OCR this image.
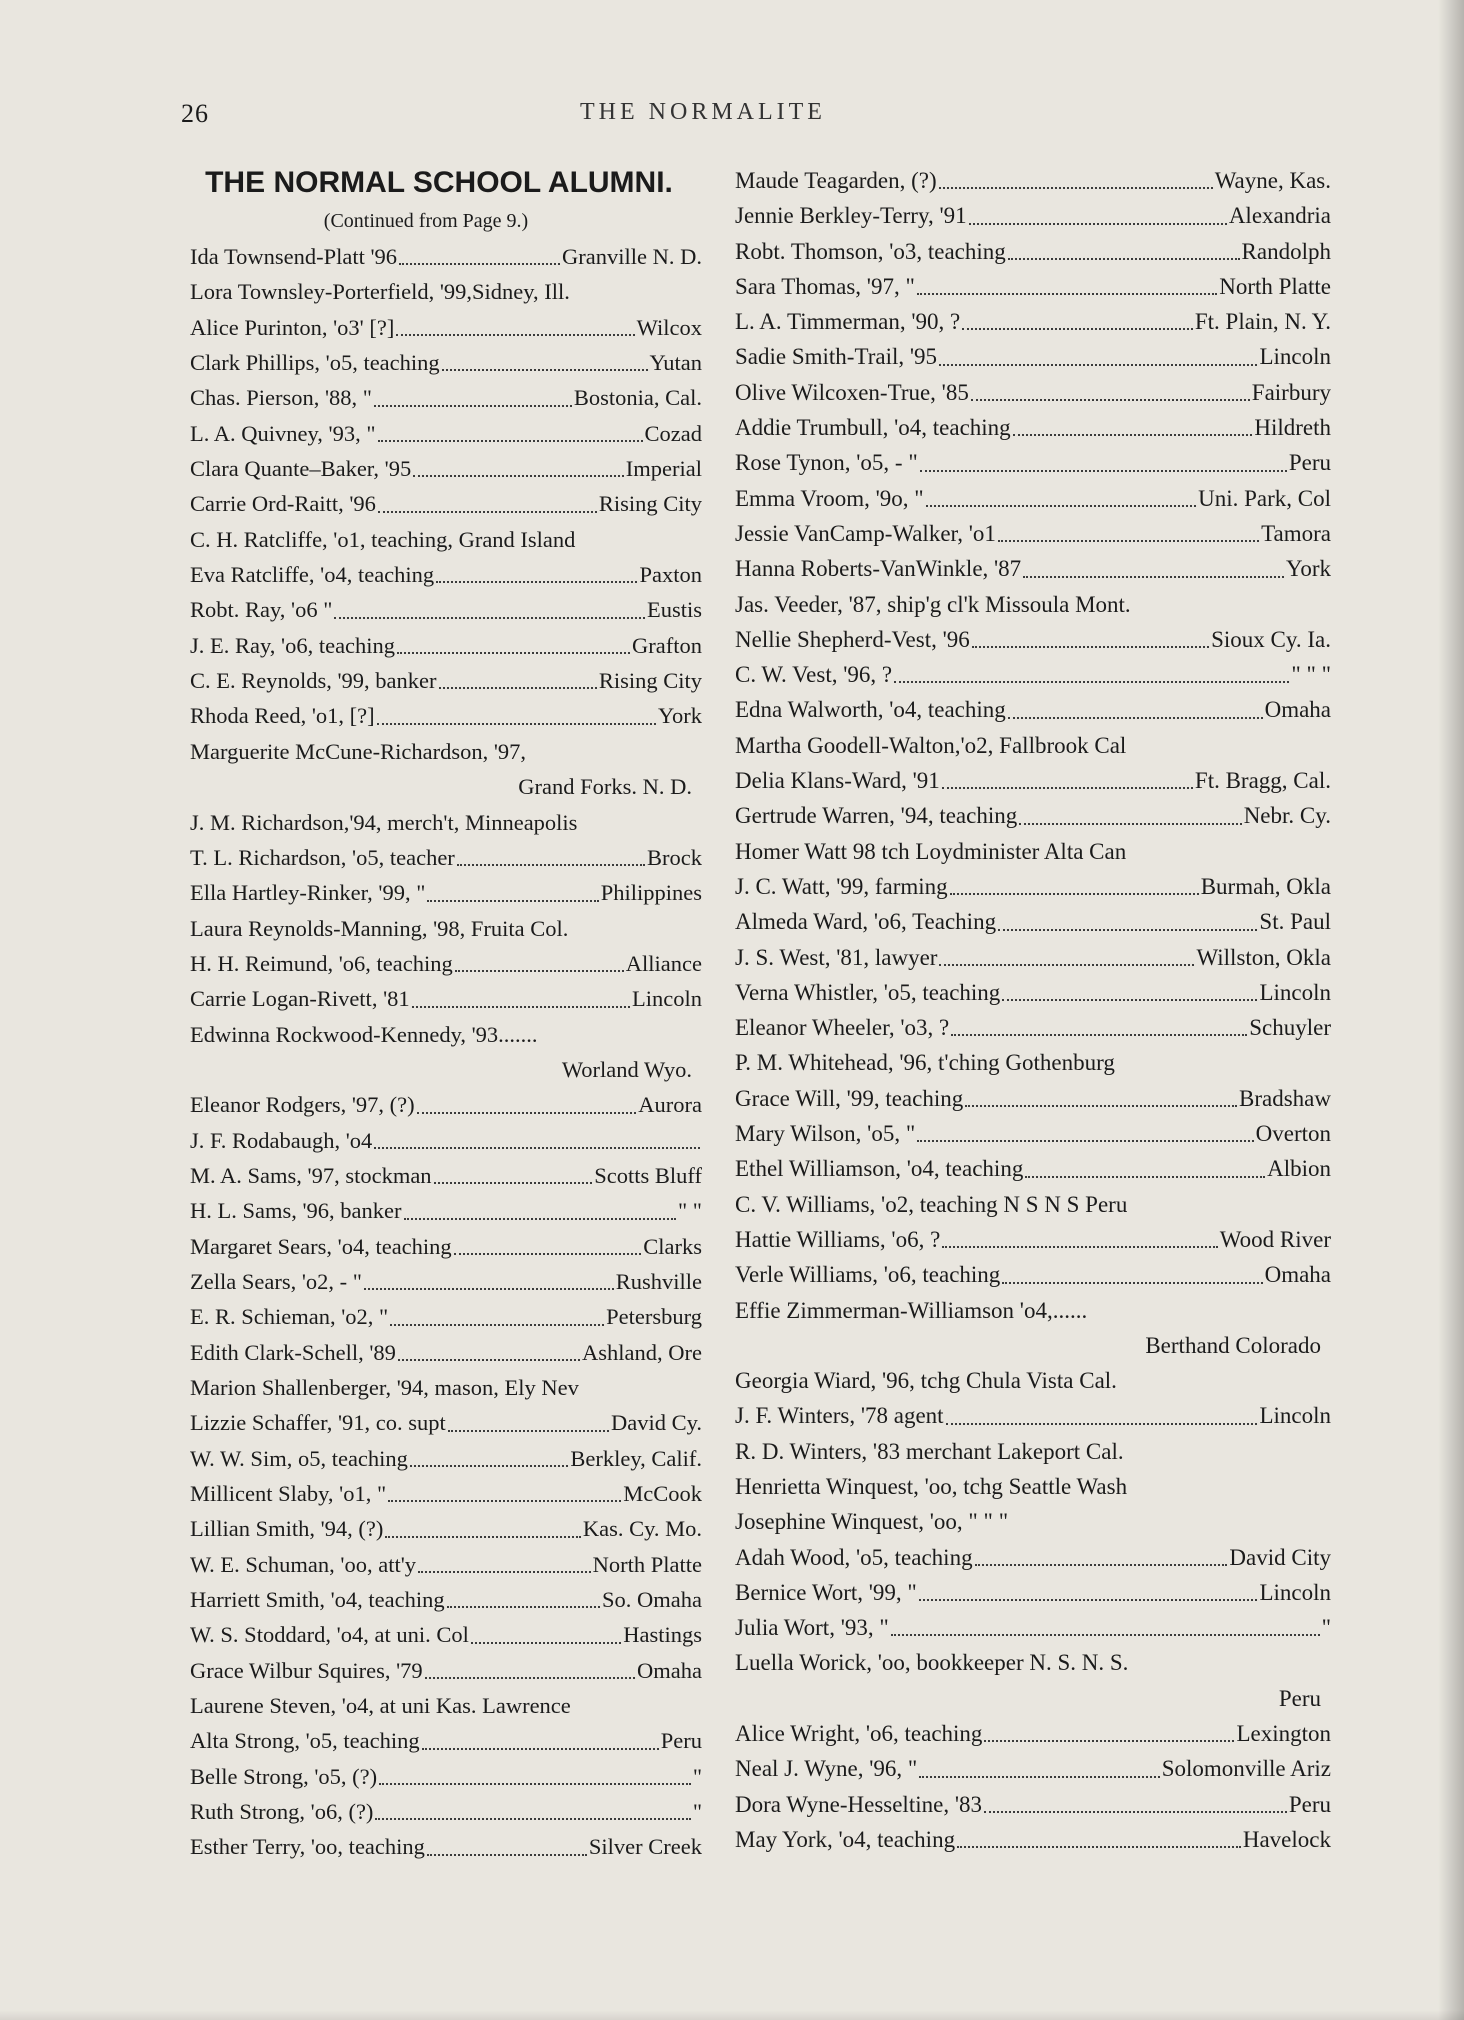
26	THE NORMALITE
THE NORMAL SCHOOL ALUMNI.

(Continued from Page 9.)

Ida Townsend-Platt '96	Granville N. D.
Lora Townsley-Porterfield, '99,Sidney, Ill.
Alice Purinton, 'o3' [?]	Wilcox
Clark Phillips, 'o5, teaching	Yutan
Chas. Pierson, '88, "	Bostonia, Cal.
L. A. Quivney, '93, "	Cozad
Clara Quante–Baker, '95	Imperial
Carrie Ord-Raitt, '96	Rising City
C. H. Ratcliffe, 'o1, teaching, Grand Island
Eva Ratcliffe, 'o4, teaching	Paxton
Robt. Ray, 'o6 "	Eustis
J. E. Ray, 'o6, teaching	Grafton
C. E. Reynolds, '99, banker	Rising City
Rhoda Reed, 'o1, [?]	York
Marguerite McCune-Richardson, '97,
Grand Forks. N. D.
J. M. Richardson,'94, merch't, Minneapolis
T. L. Richardson, 'o5, teacher	Brock
Ella Hartley-Rinker, '99, "	Philippines
Laura Reynolds-Manning, '98, Fruita Col.
H. H. Reimund, 'o6, teaching	Alliance
Carrie Logan-Rivett, '81	Lincoln
Edwinna Rockwood-Kennedy, '93.......
Worland Wyo.
Eleanor Rodgers, '97, (?)	Aurora
J. F. Rodabaugh, 'o4
M. A. Sams, '97, stockman	Scotts Bluff
H. L. Sams, '96, banker	" "
Margaret Sears, 'o4, teaching	Clarks
Zella Sears, 'o2, - "	Rushville
E. R. Schieman, 'o2, "	Petersburg
Edith Clark-Schell, '89	Ashland, Ore
Marion Shallenberger, '94, mason, Ely Nev
Lizzie Schaffer, '91, co. supt	David Cy.
W. W. Sim, o5, teaching	Berkley, Calif.
Millicent Slaby, 'o1, "	McCook
Lillian Smith, '94, (?)	Kas. Cy. Mo.
W. E. Schuman, 'oo, att'y	North Platte
Harriett Smith, 'o4, teaching	So. Omaha
W. S. Stoddard, 'o4, at uni. Col	Hastings
Grace Wilbur Squires, '79	Omaha
Laurene Steven, 'o4, at uni Kas. Lawrence
Alta Strong, 'o5, teaching	Peru
Belle Strong, 'o5, (?)	"
Ruth Strong, 'o6, (?)	"
Esther Terry, 'oo, teaching	Silver Creek
Maude Teagarden, (?)	Wayne, Kas.
Jennie Berkley-Terry, '91	Alexandria
Robt. Thomson, 'o3, teaching	Randolph
Sara Thomas, '97, "	North Platte
L. A. Timmerman, '90, ?	Ft. Plain, N. Y.
Sadie Smith-Trail, '95	Lincoln
Olive Wilcoxen-True, '85	Fairbury
Addie Trumbull, 'o4, teaching	Hildreth
Rose Tynon, 'o5, - "	Peru
Emma Vroom, '9o, "	Uni. Park, Col
Jessie VanCamp-Walker, 'o1	Tamora
Hanna Roberts-VanWinkle, '87	York
Jas. Veeder, '87, ship'g cl'k Missoula Mont.
Nellie Shepherd-Vest, '96	Sioux Cy. Ia.
C. W. Vest, '96, ?	" " "
Edna Walworth, 'o4, teaching	Omaha
Martha Goodell-Walton,'o2, Fallbrook Cal
Delia Klans-Ward, '91	Ft. Bragg, Cal.
Gertrude Warren, '94, teaching	Nebr. Cy.
Homer Watt 98 tch Loydminister Alta Can
J. C. Watt, '99, farming	Burmah, Okla
Almeda Ward, 'o6, Teaching	St. Paul
J. S. West, '81, lawyer	Willston, Okla
Verna Whistler, 'o5, teaching	Lincoln
Eleanor Wheeler, 'o3, ?	Schuyler
P. M. Whitehead, '96, t'ching Gothenburg
Grace Will, '99, teaching	Bradshaw
Mary Wilson, 'o5, "	Overton
Ethel Williamson, 'o4, teaching	Albion
C. V. Williams, 'o2, teaching N S N S Peru
Hattie Williams, 'o6, ?	Wood River
Verle Williams, 'o6, teaching	Omaha
Effie Zimmerman-Williamson 'o4,......
Berthand Colorado
Georgia Wiard, '96, tchg Chula Vista Cal.
J. F. Winters, '78 agent	Lincoln
R. D. Winters, '83 merchant Lakeport Cal.
Henrietta Winquest, 'oo, tchg Seattle Wash
Josephine Winquest, 'oo, " " "
Adah Wood, 'o5, teaching	David City
Bernice Wort, '99, "	Lincoln
Julia Wort, '93, "	"
Luella Worick, 'oo, bookkeeper N. S. N. S.
Peru
Alice Wright, 'o6, teaching	Lexington
Neal J. Wyne, '96, "	Solomonville Ariz
Dora Wyne-Hesseltine, '83	Peru
May York, 'o4, teaching	Havelock
